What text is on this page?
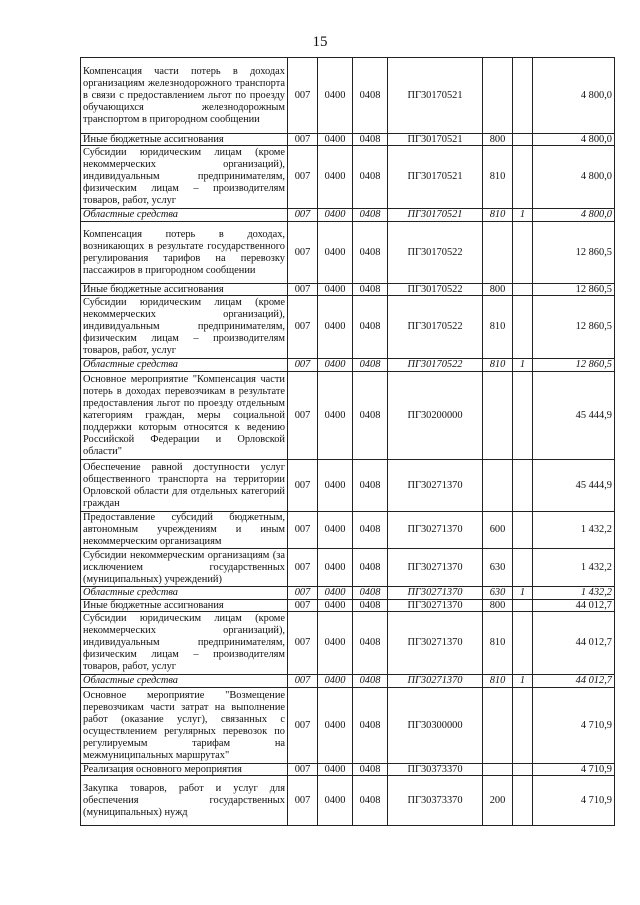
15
Компенсация части потерь в доходах организациям железнодорожного транспорта в связи с предоставлением льгот по проезду обучающихся железнодорожным транспортом в пригородном сообщении	007	0400	0408	ПГ30170521			4 800,0
Иные бюджетные ассигнования	007	0400	0408	ПГ30170521	800		4 800,0
Субсидии юридическим лицам (кроме некоммерческих организаций), индивидуальным предпринимателям, физическим лицам – производителям товаров, работ, услуг	007	0400	0408	ПГ30170521	810		4 800,0
Областные средства	007	0400	0408	ПГ30170521	810	1	4 800,0
Компенсация потерь в доходах, возникающих в результате государственного регулирования тарифов на перевозку пассажиров в пригородном сообщении	007	0400	0408	ПГ30170522			12 860,5
Иные бюджетные ассигнования	007	0400	0408	ПГ30170522	800		12 860,5
Субсидии юридическим лицам (кроме некоммерческих организаций), индивидуальным предпринимателям, физическим лицам – производителям товаров, работ, услуг	007	0400	0408	ПГ30170522	810		12 860,5
Областные средства	007	0400	0408	ПГ30170522	810	1	12 860,5
Основное мероприятие "Компенсация части потерь в доходах перевозчикам в результате предоставления льгот по проезду отдельным категориям граждан, меры социальной поддержки которым относятся к ведению Российской Федерации и Орловской области"	007	0400	0408	ПГ30200000			45 444,9
Обеспечение равной доступности услуг общественного транспорта на территории Орловской области для отдельных категорий граждан	007	0400	0408	ПГ30271370			45 444,9
Предоставление субсидий бюджетным, автономным учреждениям и иным некоммерческим организациям	007	0400	0408	ПГ30271370	600		1 432,2
Субсидии некоммерческим организациям (за исключением государственных (муниципальных) учреждений)	007	0400	0408	ПГ30271370	630		1 432,2
Областные средства	007	0400	0408	ПГ30271370	630	1	1 432,2
Иные бюджетные ассигнования	007	0400	0408	ПГ30271370	800		44 012,7
Субсидии юридическим лицам (кроме некоммерческих организаций), индивидуальным предпринимателям, физическим лицам – производителям товаров, работ, услуг	007	0400	0408	ПГ30271370	810		44 012,7
Областные средства	007	0400	0408	ПГ30271370	810	1	44 012,7
Основное мероприятие "Возмещение перевозчикам части затрат на выполнение работ (оказание услуг), связанных с осуществлением регулярных перевозок по регулируемым тарифам на межмуниципальных маршрутах"	007	0400	0408	ПГ30300000			4 710,9
Реализация основного мероприятия	007	0400	0408	ПГ30373370			4 710,9
Закупка товаров, работ и услуг для обеспечения государственных (муниципальных) нужд	007	0400	0408	ПГ30373370	200		4 710,9
